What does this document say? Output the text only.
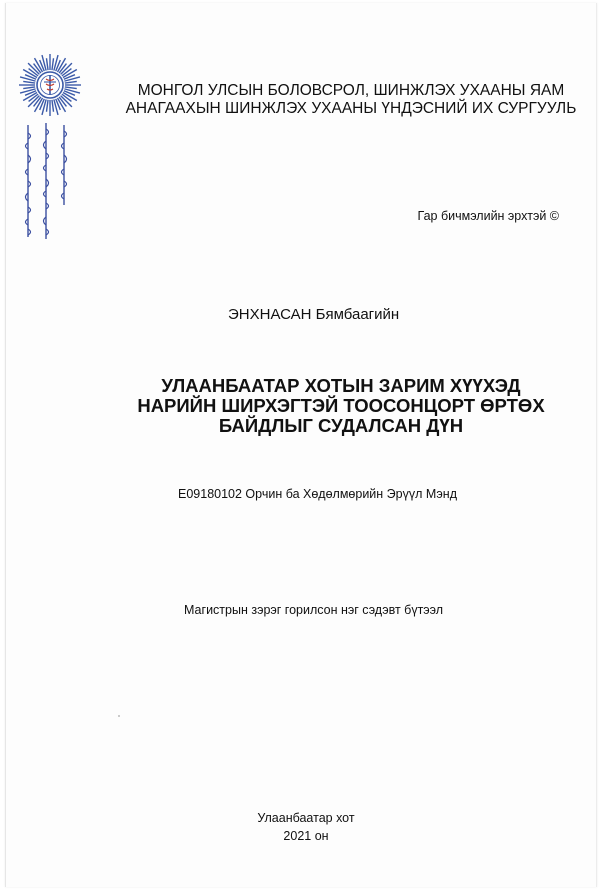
МОНГОЛ УЛСЫН БОЛОВСРОЛ, ШИНЖЛЭХ УХААНЫ ЯАМ
АНАГААХЫН ШИНЖЛЭХ УХААНЫ ҮНДЭСНИЙ ИХ СУРГУУЛЬ
Гар бичмэлийн эрхтэй ©
ЭНХНАСАН Бямбаагийн
УЛААНБААТАР ХОТЫН ЗАРИМ ХҮҮХЭД
НАРИЙН ШИРХЭГТЭЙ ТООСОНЦОРТ ӨРТӨХ
БАЙДЛЫГ СУДАЛСАН ДҮН
E09180102 Орчин ба Хөдөлмөрийн Эрүүл Мэнд
Магистрын зэрэг горилсон нэг сэдэвт бүтээл
Улаанбаатар хот
2021 он
